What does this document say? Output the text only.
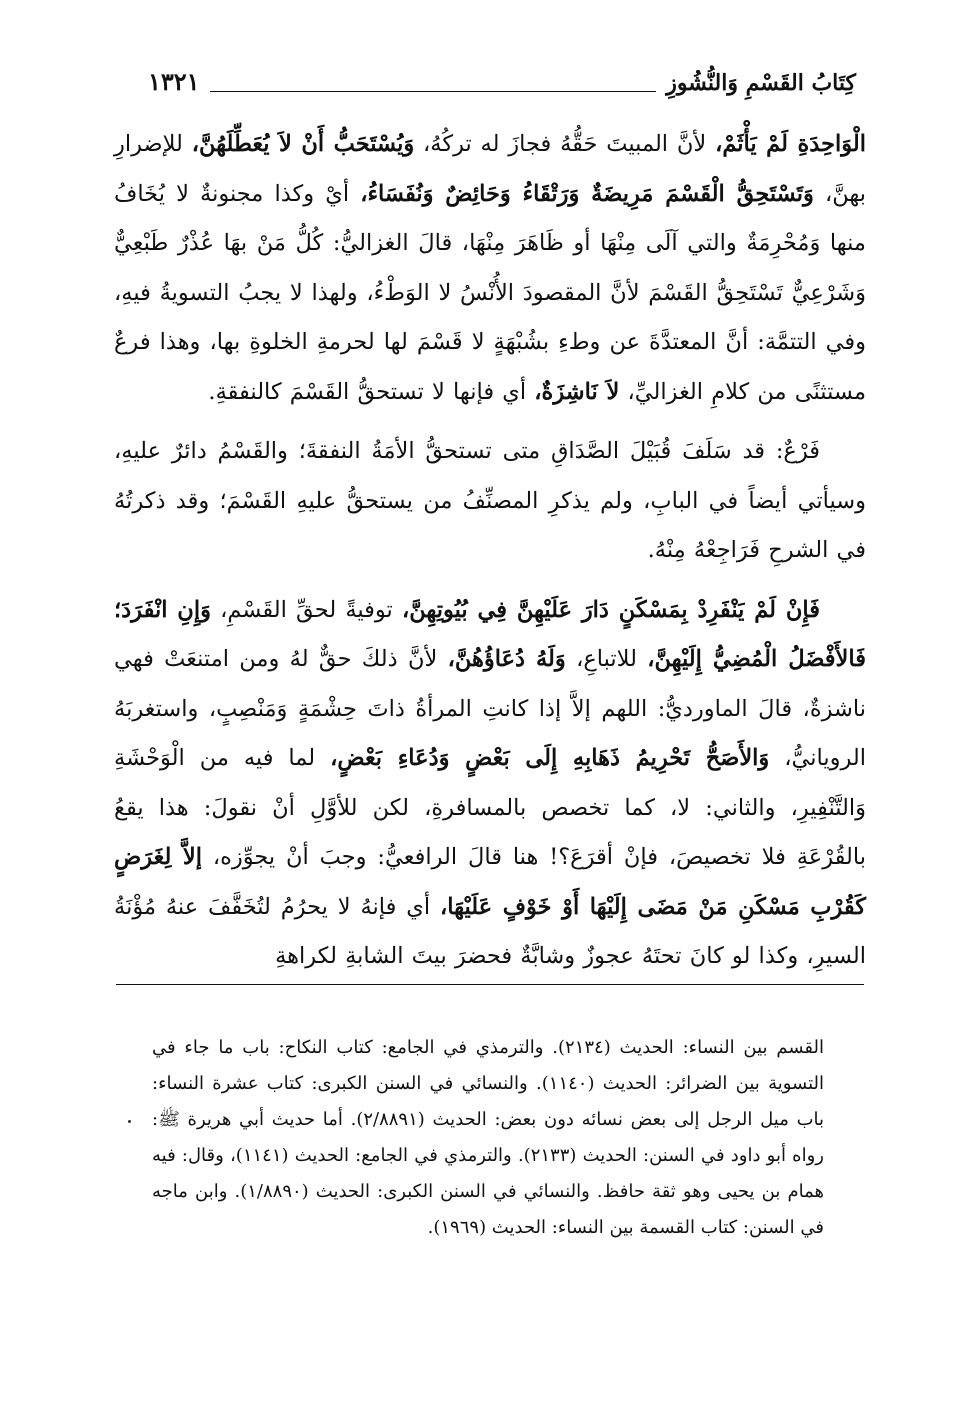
كِتَابُ القَسْمِ وَالنُّشُوزِ
١٣٢١

الْوَاحِدَةِ لَمْ يَأْثَمْ، لأنَّ المبيتَ حَقُّهُ فجازَ له تركُهُ، وَيُسْتَحَبُّ أَنْ لاَ يُعَطِّلَهُنَّ، للإضرارِ بهنَّ، وَتَسْتَحِقُّ الْقَسْمَ مَرِيضَةٌ وَرَتْقَاءُ وَحَائِضٌ وَنُفَسَاءُ، أيْ وكذا مجنونةٌ لا يُخَافُ منها وَمُحْرِمَةٌ والتي آلَى مِنْهَا أو ظَاهَرَ مِنْهَا، قالَ الغزاليُّ: كُلُّ مَنْ بهَا عُذْرٌ طَبْعِيٌّ وَشَرْعِيٌّ تَسْتَحِقُّ القَسْمَ لأنَّ المقصودَ الأُنْسُ لا الوَطْءُ، ولهذا لا يجبُ التسويةُ فيهِ، وفي التتمَّة: أنَّ المعتدَّةَ عن وطءِ بشُبْهَةٍ لا قَسْمَ لها لحرمةِ الخلوةِ بها، وهذا فرعٌ مستثنًى من كلامِ الغزاليِّ، لاَ نَاشِزَةٌ، أي فإنها لا تستحقُّ القَسْمَ كالنفقةِ.

فَرْعٌ: قد سَلَفَ قُبَيْلَ الصَّدَاقِ متى تستحقُّ الأمَةُ النفقةَ؛ والقَسْمُ دائرٌ عليهِ، وسيأتي أيضاً في البابِ، ولم يذكرِ المصنِّفُ من يستحقُّ عليهِ القَسْمَ؛ وقد ذكرتُهُ في الشرحِ فَرَاجِعْهُ مِنْهُ.

فَإِنْ لَمْ يَنْفَرِدْ بِمَسْكَنٍ دَارَ عَلَيْهِنَّ فِي بُيُوتِهِنَّ، توفيةً لحقِّ القَسْمِ، وَإِنِ انْفَرَدَ؛ فَالأَفْضَلُ الْمُضِيُّ إِلَيْهِنَّ، للاتباعِ، وَلَهُ دُعَاؤُهُنَّ، لأنَّ ذلكَ حقٌّ لهُ ومن امتنعَتْ فهي ناشزةٌ، قالَ الماورديُّ: اللهم إلاَّ إذا كانتِ المرأةُ ذاتَ حِشْمَةٍ وَمَنْصِبٍ، واستغربَهُ الرويانيُّ، وَالأَصَحُّ تَحْرِيمُ ذَهَابِهِ إِلَى بَعْضٍ وَدُعَاءِ بَعْضٍ، لما فيه من الْوَحْشَةِ وَالتَّنْفِيرِ، والثاني: لا، كما تخصص بالمسافرةِ، لكن للأوَّلِ أنْ نقولَ: هذا يقعُ بالقُرْعَةِ فلا تخصيصَ، فإنْ أقرَعَ؟! هنا قالَ الرافعيُّ: وجبَ أنْ يجوِّزه، إلاَّ لِغَرَضٍ كَقُرْبِ مَسْكَنِ مَنْ مَضَى إِلَيْهَا أَوْ خَوْفٍ عَلَيْهَا، أي فإنهُ لا يحرُمُ لتُخَفَّفَ عنهُ مُؤْنَةُ السيرِ، وكذا لو كانَ تحتَهُ عجوزٌ وشابَّةٌ فحضرَ بيتَ الشابةِ لكراهةِ

القسم بين النساء: الحديث (٢١٣٤). والترمذي في الجامع: كتاب النكاح: باب ما جاء في التسوية بين الضرائر: الحديث (١١٤٠). والنسائي في السنن الكبرى: كتاب عشرة النساء: باب ميل الرجل إلى بعض نسائه دون بعض: الحديث (٢/٨٨٩١). أما حديث أبي هريرة ﷺ: رواه أبو داود في السنن: الحديث (٢١٣٣). والترمذي في الجامع: الحديث (١١٤١)، وقال: فيه همام بن يحيى وهو ثقة حافظ. والنسائي في السنن الكبرى: الحديث (١/٨٨٩٠). وابن ماجه في السنن: كتاب القسمة بين النساء: الحديث (١٩٦٩).
